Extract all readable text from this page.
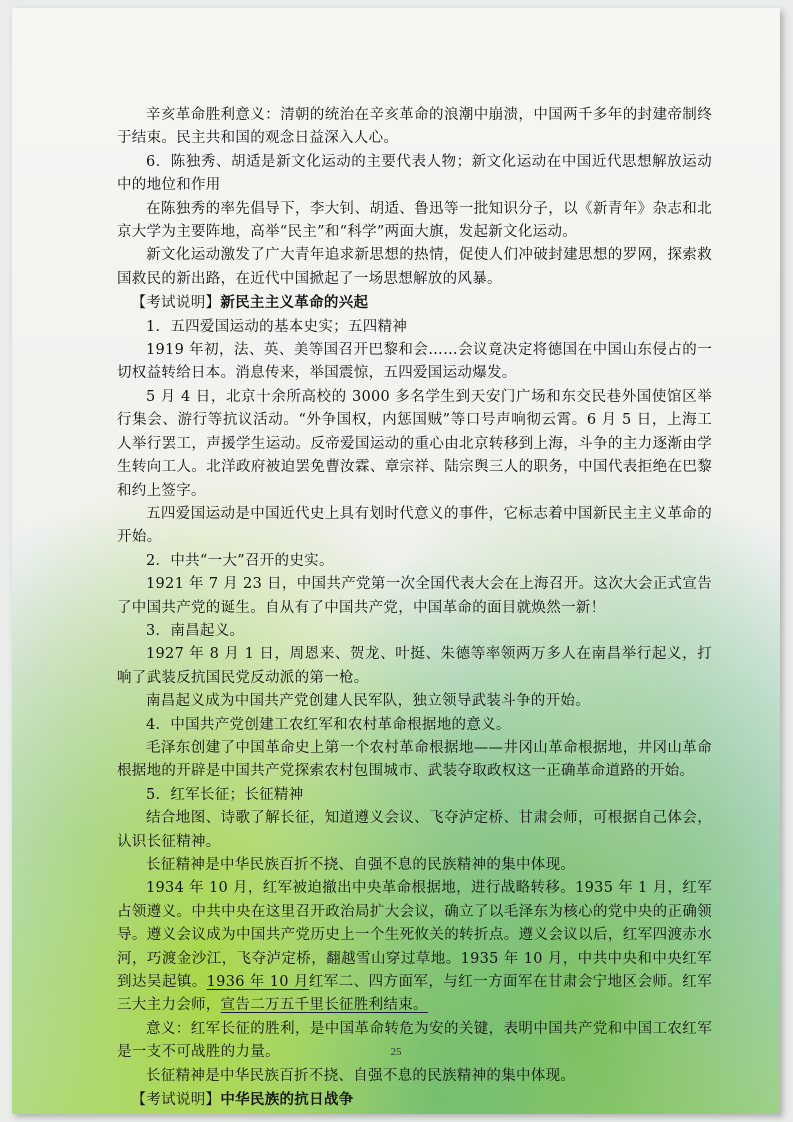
辛亥革命胜利意义：清朝的统治在辛亥革命的浪潮中崩溃，中国两千多年的封建帝制终于结束。民主共和国的观念日益深入人心。

6．陈独秀、胡适是新文化运动的主要代表人物；新文化运动在中国近代思想解放运动中的地位和作用

在陈独秀的率先倡导下，李大钊、胡适、鲁迅等一批知识分子，以《新青年》杂志和北京大学为主要阵地，高举“民主”和“科学”两面大旗，发起新文化运动。

新文化运动激发了广大青年追求新思想的热情，促使人们冲破封建思想的罗网，探索救国救民的新出路，在近代中国掀起了一场思想解放的风暴。

【考试说明】新民主主义革命的兴起

1．五四爱国运动的基本史实；五四精神

1919 年初，法、英、美等国召开巴黎和会……会议竟决定将德国在中国山东侵占的一切权益转给日本。消息传来，举国震惊，五四爱国运动爆发。

5 月 4 日，北京十余所高校的 3000 多名学生到天安门广场和东交民巷外国使馆区举行集会、游行等抗议活动。“外争国权，内惩国贼”等口号声响彻云霄。6 月 5 日，上海工人举行罢工，声援学生运动。反帝爱国运动的重心由北京转移到上海，斗争的主力逐渐由学生转向工人。北洋政府被迫罢免曹汝霖、章宗祥、陆宗舆三人的职务，中国代表拒绝在巴黎和约上签字。

五四爱国运动是中国近代史上具有划时代意义的事件，它标志着中国新民主主义革命的开始。

2．中共“一大”召开的史实。

1921 年 7 月 23 日，中国共产党第一次全国代表大会在上海召开。这次大会正式宣告了中国共产党的诞生。自从有了中国共产党，中国革命的面目就焕然一新！

3．南昌起义。

1927 年 8 月 1 日，周恩来、贺龙、叶挺、朱德等率领两万多人在南昌举行起义，打响了武装反抗国民党反动派的第一枪。

南昌起义成为中国共产党创建人民军队，独立领导武装斗争的开始。

4．中国共产党创建工农红军和农村革命根据地的意义。

毛泽东创建了中国革命史上第一个农村革命根据地——井冈山革命根据地，井冈山革命根据地的开辟是中国共产党探索农村包围城市、武装夺取政权这一正确革命道路的开始。

5．红军长征；长征精神

结合地图、诗歌了解长征，知道遵义会议、飞夺泸定桥、甘肃会师，可根据自己体会，认识长征精神。

长征精神是中华民族百折不挠、自强不息的民族精神的集中体现。

1934 年 10 月，红军被迫撤出中央革命根据地，进行战略转移。1935 年 1 月，红军占领遵义。中共中央在这里召开政治局扩大会议，确立了以毛泽东为核心的党中央的正确领导。遵义会议成为中国共产党历史上一个生死攸关的转折点。遵义会议以后，红军四渡赤水河，巧渡金沙江，飞夺泸定桥，翻越雪山穿过草地。1935 年 10 月，中共中央和中央红军到达吴起镇。1936 年 10 月红军二、四方面军，与红一方面军在甘肃会宁地区会师。红军三大主力会师，宣告二万五千里长征胜利结束。

意义：红军长征的胜利，是中国革命转危为安的关键，表明中国共产党和中国工农红军是一支不可战胜的力量。

长征精神是中华民族百折不挠、自强不息的民族精神的集中体现。

【考试说明】中华民族的抗日战争

25
